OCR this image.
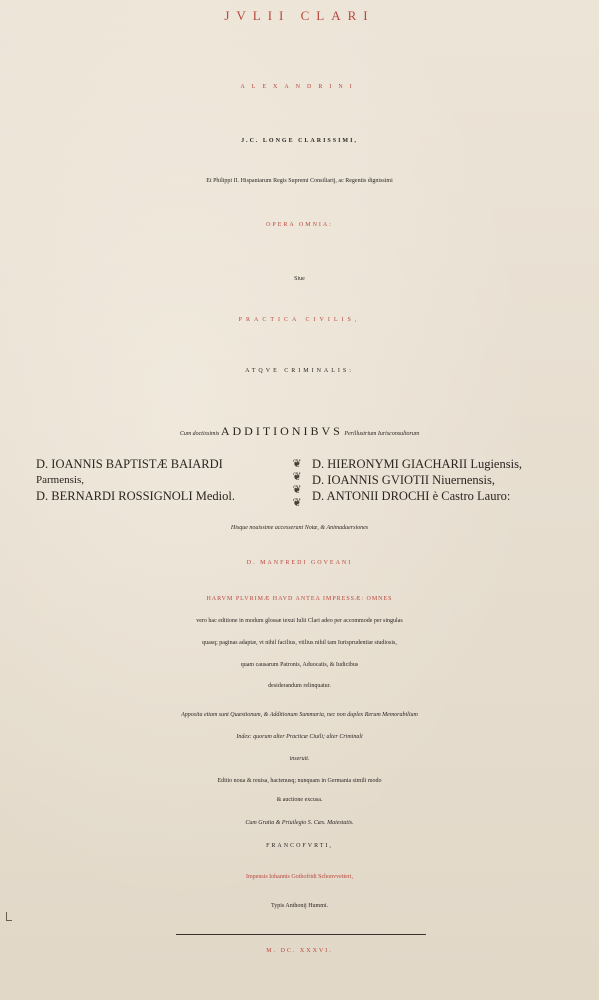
JVLII CLARI
ALEXANDRINI
J.C. LONGE CLARISSIMI,
Et Philippi II. Hispaniarum Regis Supremi Consiliarij, ac Regentis dignissimi
OPERA OMNIA:
Siue
PRACTICA CIVILIS,
ATQVE CRIMINALIS:
Cum doctissimis ADDITIONIBVS Perillustrium Iurisconsultorum
D. IOANNIS BAPTISTÆ BAIARDI
Parmensis,
D. BERNARDI ROSSIGNOLI Mediol.
❦
❦
❦
❦
D. HIERONYMI GIACHARII Lugiensis,
D. IOANNIS GVIOTII Niuernensis,
D. ANTONII DROCHI è Castro Lauro:
Hisque nouissime accesserunt Notæ, & Animaduersiones
D. MANFREDI GOVEANI
HARVM PLVRIMÆ HAVD ANTEA IMPRESSÆ: OMNES
vero hac editione in modum glossæ texui Iulii Clari adeo per accommode per singulas
quasq; paginas adaptæ, vt nihil facilius, vtilius nihil tam Iurisprudentiæ studiosis,
quam causarum Patronis, Aduocatis, & Iudicibus
desiderandum relinquatur.
Apposita etiam sunt Quæstionum, & Additionum Summaria, nec non duplex Rerum Memorabilium
Index: quorum alter Practicæ Ciuili; alter Criminali
inseruit.
Editio noua & reuisa, hactenusq; nunquam in Germania simili modo
& auctione excusa.
Cum Gratia & Priuilegio S. Cæs. Maiestatis.
FRANCOFVRTI,
Impensis Iohannis Gothofridi Schonvvetteri,
Typis Anthonij Hummi.
M. DC. XXXVI.
